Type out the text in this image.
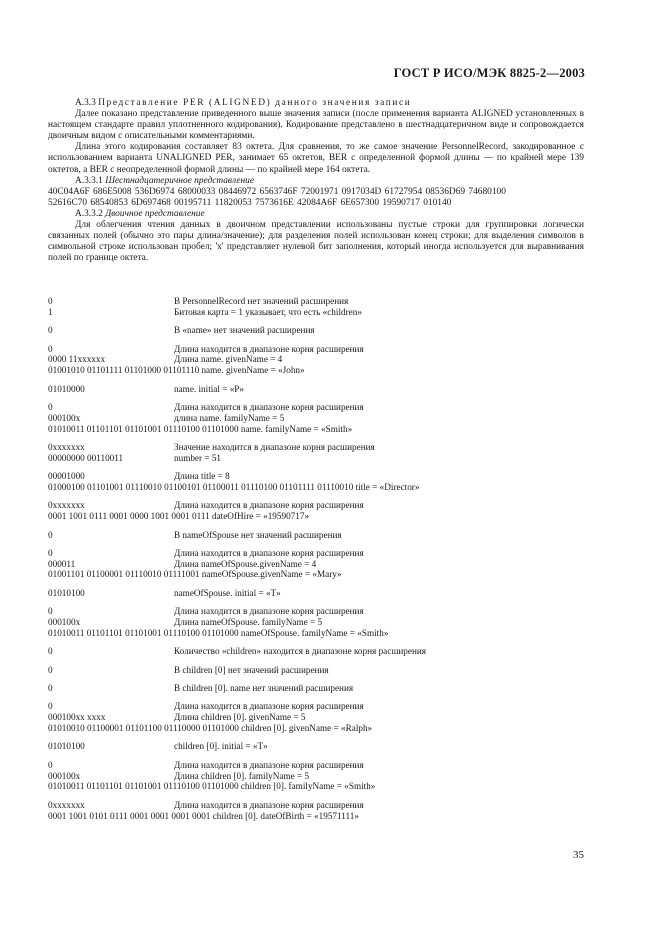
ГОСТ Р ИСО/МЭК 8825-2—2003

А.3.3 Представление PER (ALIGNED) данного значения записи

Далее показано представление приведенного выше значения записи (после применения варианта ALIGNED установленных в настоящем стандарте правил уплотненного кодирования). Кодирование представлено в шестнадцатеричном виде и сопровождается двоичным видом с описательными комментариями.

Длина этого кодирования составляет 83 октета. Для сравнения, то же самое значение PersonnelRecord, закодированное с использованием варианта UNALIGNED PER, занимает 65 октетов, BER с определенной формой длины — по крайней мере 139 октетов, а BER с неопределенной формой длины — по крайней мере 164 октета.

А.3.3.1 Шестнадцатеричное представление

40C04A6F 686E5008 536D6974 68000033 08446972 6563746F 72001971 0917034D 61727954 08536D69 74680100

52616C70 68540853 6D697468 00195711 11820053 7573616E 42084A6F 6E657300 19590717 010140

А.3.3.2 Двоичное представление

Для облегчения чтения данных в двоичном представлении использованы пустые строки для группировки логически связанных полей (обычно это пары длина/значение); для разделения полей использован конец строки; для выделения символов в символьной строке использован пробел; 'x' представляет нулевой бит заполнения, который иногда используется для выравнивания полей по границе октета.

0	В PersonnelRecord нет значений расширения
1	Битовая карта = 1 указывает, что есть «children»
0	В «name» нет значений расширения
0	Длина находится в диапазоне корня расширения
0000 11xxxxxx	Длина name. givenName = 4
01001010 01101111 01101000 01101110 name. givenName = «John»
01010000	name. initial = «P»
0	Длина находится в диапазоне корня расширения
000100x	длина name. familyName = 5
01010011 01101101 01101001 01110100 01101000 name. familyName = «Smith»
0xxxxxxx	Значение находится в диапазоне корня расширения
00000000 00110011	number = 51
00001000	Длина title = 8
01000100 01101001 01110010 01100101 01100011 01110100 01101111 01110010 title = «Director»
0xxxxxxx	Длина находится в диапазоне корня расширения
0001 1001 0111 0001 0000 1001 0001 0111 dateOfHire = «19590717»
0	В nameOfSpouse нет значений расширения
0	Длина находится в диапазоне корня расширения
000011	Длина nameOfSpouse.givenName = 4
01001101 01100001 01110010 01111001 nameOfSpouse.givenName = «Mary»
01010100	nameOfSpouse. initial = «T»
0	Длина находится в диапазоне корня расширения
000100x	Длина nameOfSpouse. familyName = 5
01010011 01101101 01101001 01110100 01101000 nameOfSpouse. familyName = «Smith»
0	Количество «children» находится в диапазоне корня расширения
0	В children [0] нет значений расширения
0	В children [0]. name нет значений расширения
0	Длина находится в диапазоне корня расширения
000100xx xxxx	Длина children [0]. givenName = 5
01010010 01100001 01101100 01110000 01101000 children [0]. givenName = «Ralph»
01010100	children [0]. initial = «T»
0	Длина находится в диапазоне корня расширения
000100x	Длина children [0]. familyName = 5
01010011 01101101 01101001 01110100 01101000 children [0]. familyName = «Smith»
0xxxxxxx	Длина находится в диапазоне корня расширения
0001 1001 0101 0111 0001 0001 0001 0001 children [0]. dateOfBirth = «19571111»
35
